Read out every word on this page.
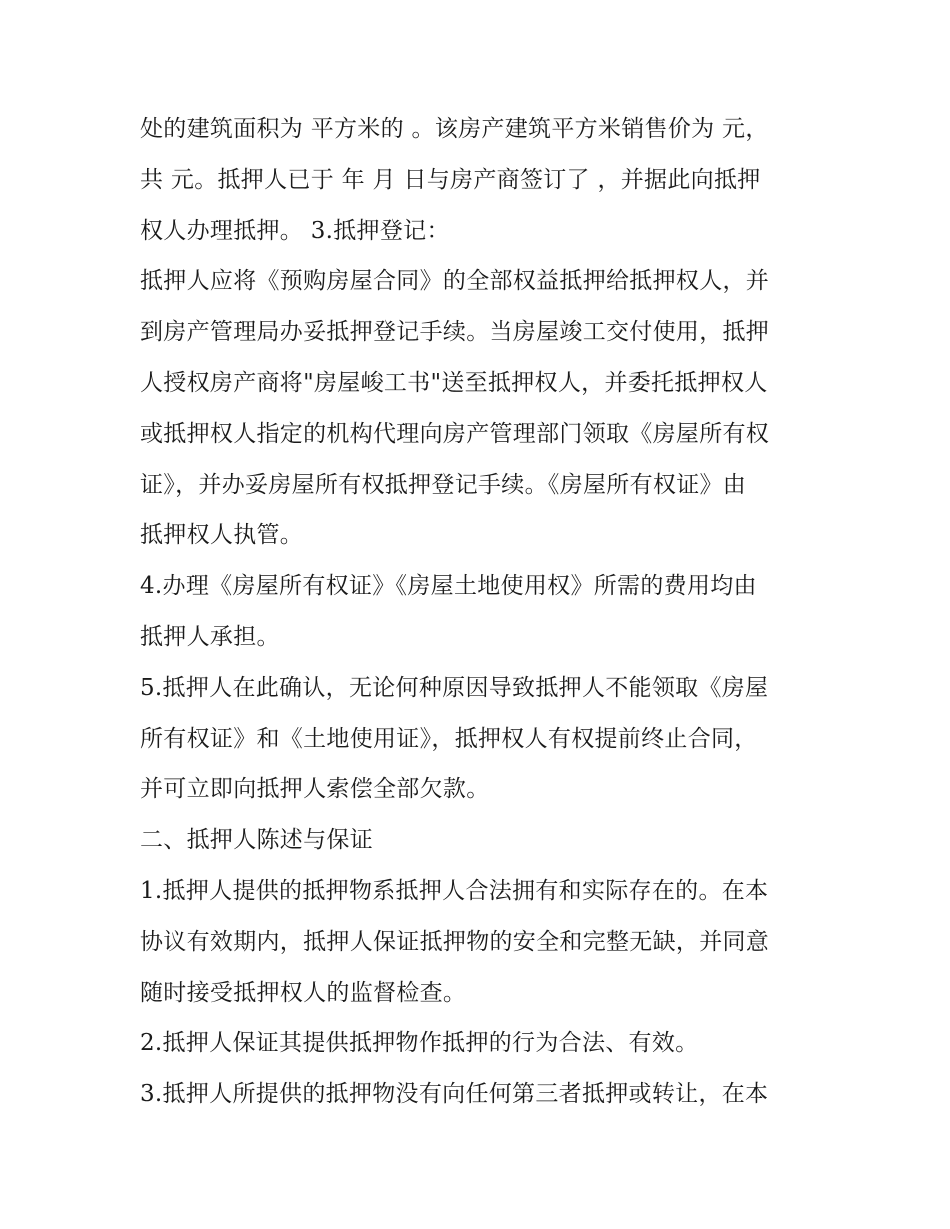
处的建筑面积为 平方米的 。该房产建筑平方米销售价为 元，
共 元。抵押人已于 年 月 日与房产商签订了 ，并据此向抵押
权人办理抵押。 3.抵押登记：
抵押人应将《预购房屋合同》的全部权益抵押给抵押权人，并
到房产管理局办妥抵押登记手续。当房屋竣工交付使用，抵押
人授权房产商将"房屋峻工书"送至抵押权人，并委托抵押权人
或抵押权人指定的机构代理向房产管理部门领取《房屋所有权
证》，并办妥房屋所有权抵押登记手续。《房屋所有权证》由
抵押权人执管。
4.办理《房屋所有权证》《房屋土地使用权》所需的费用均由
抵押人承担。
5.抵押人在此确认，无论何种原因导致抵押人不能领取《房屋
所有权证》和《土地使用证》，抵押权人有权提前终止合同，
并可立即向抵押人索偿全部欠款。
二、抵押人陈述与保证
1.抵押人提供的抵押物系抵押人合法拥有和实际存在的。在本
协议有效期内，抵押人保证抵押物的安全和完整无缺，并同意
随时接受抵押权人的监督检查。
2.抵押人保证其提供抵押物作抵押的行为合法、有效。
3.抵押人所提供的抵押物没有向任何第三者抵押或转让，在本
